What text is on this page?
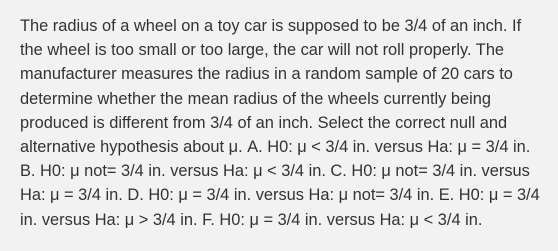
The radius of a wheel on a toy car is supposed to be 3/4 of an inch. If the wheel is too small or too large, the car will not roll properly. The manufacturer measures the radius in a random sample of 20 cars to determine whether the mean radius of the wheels currently being produced is different from 3/4 of an inch. Select the correct null and alternative hypothesis about μ. A. H0: μ < 3/4 in. versus Ha: μ = 3/4 in. B. H0: μ not= 3/4 in. versus Ha: μ < 3/4 in. C. H0: μ not= 3/4 in. versus Ha: μ = 3/4 in. D. H0: μ = 3/4 in. versus Ha: μ not= 3/4 in. E. H0: μ = 3/4 in. versus Ha: μ > 3/4 in. F. H0: μ = 3/4 in. versus Ha: μ < 3/4 in.
